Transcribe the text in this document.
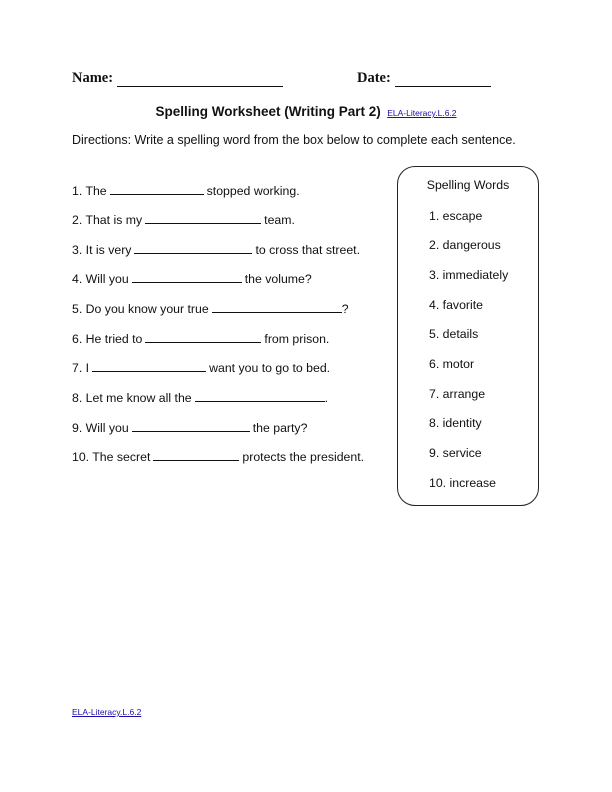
Name:	Date:
Spelling Worksheet (Writing Part 2) ELA-Literacy.L.6.2
Directions: Write a spelling word from the box below to complete each sentence.
1. The	stopped working.
2. That is my	team.
3. It is very	to cross that street.
4. Will you	the volume?
5. Do you know your true	?
6. He tried to	from prison.
7. I	want you to go to bed.
8. Let me know all the	.
9. Will you	the party?
10. The secret	protects the president.
Spelling Words
1. escape
2. dangerous
3. immediately
4. favorite
5. details
6. motor
7. arrange
8. identity
9. service
10. increase
ELA-Literacy.L.6.2
